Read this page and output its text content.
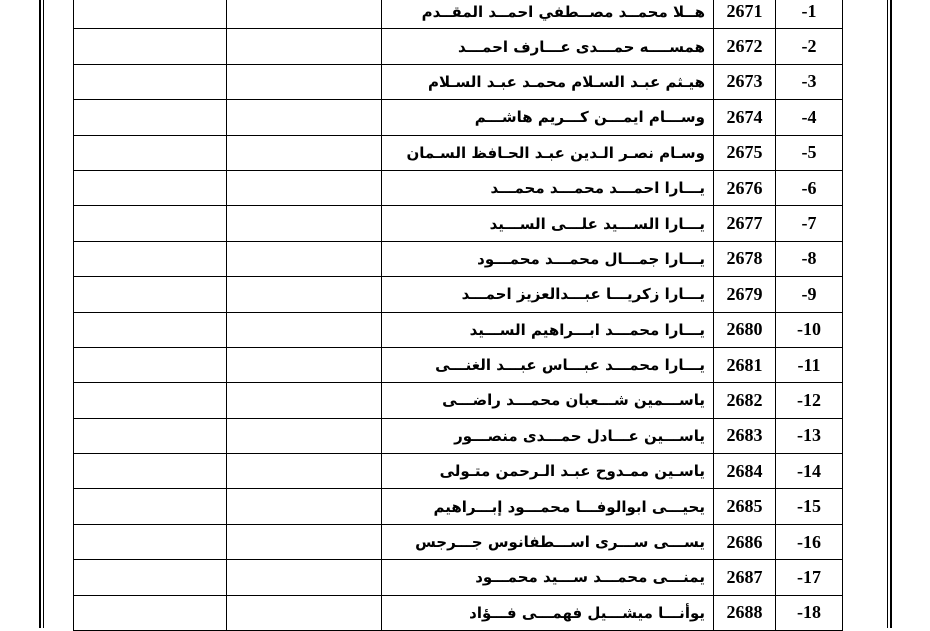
		هــلا محمــد مصــطفي احمــد المقــدم	2671	-1
		همســــه حمـــدى عـــارف احمـــد	2672	-2
		هيـثم عبـد السـلام محمـد عبـد السـلام	2673	-3
		وســـام ايمـــن كـــريم هاشـــم	2674	-4
		وسـام نصـر الـدين عبـد الحـافظ السـمان	2675	-5
		يـــارا احمـــد محمـــد محمـــد	2676	-6
		يـــارا الســـيد علـــى الســـيد	2677	-7
		يـــارا جمـــال محمـــد محمـــود	2678	-8
		يـــارا زكريـــا عبـــدالعزيز احمـــد	2679	-9
		يـــارا محمـــد ابـــراهيم الســـيد	2680	-10
		يـــارا محمـــد عبـــاس عبـــد الغنـــى	2681	-11
		ياســـمين شـــعبان محمـــد راضـــى	2682	-12
		ياســـين عـــادل حمـــدى منصـــور	2683	-13
		ياسـين ممـدوح عبـد الـرحمن متـولى	2684	-14
		يحيـــى ابوالوفـــا محمـــود إبـــراهيم	2685	-15
		يســـى ســـرى اســـطفانوس جـــرجس	2686	-16
		يمنـــى محمـــد ســـيد محمـــود	2687	-17
		يوأنـــا ميشـــيل فهمـــى فـــؤاد	2688	-18
